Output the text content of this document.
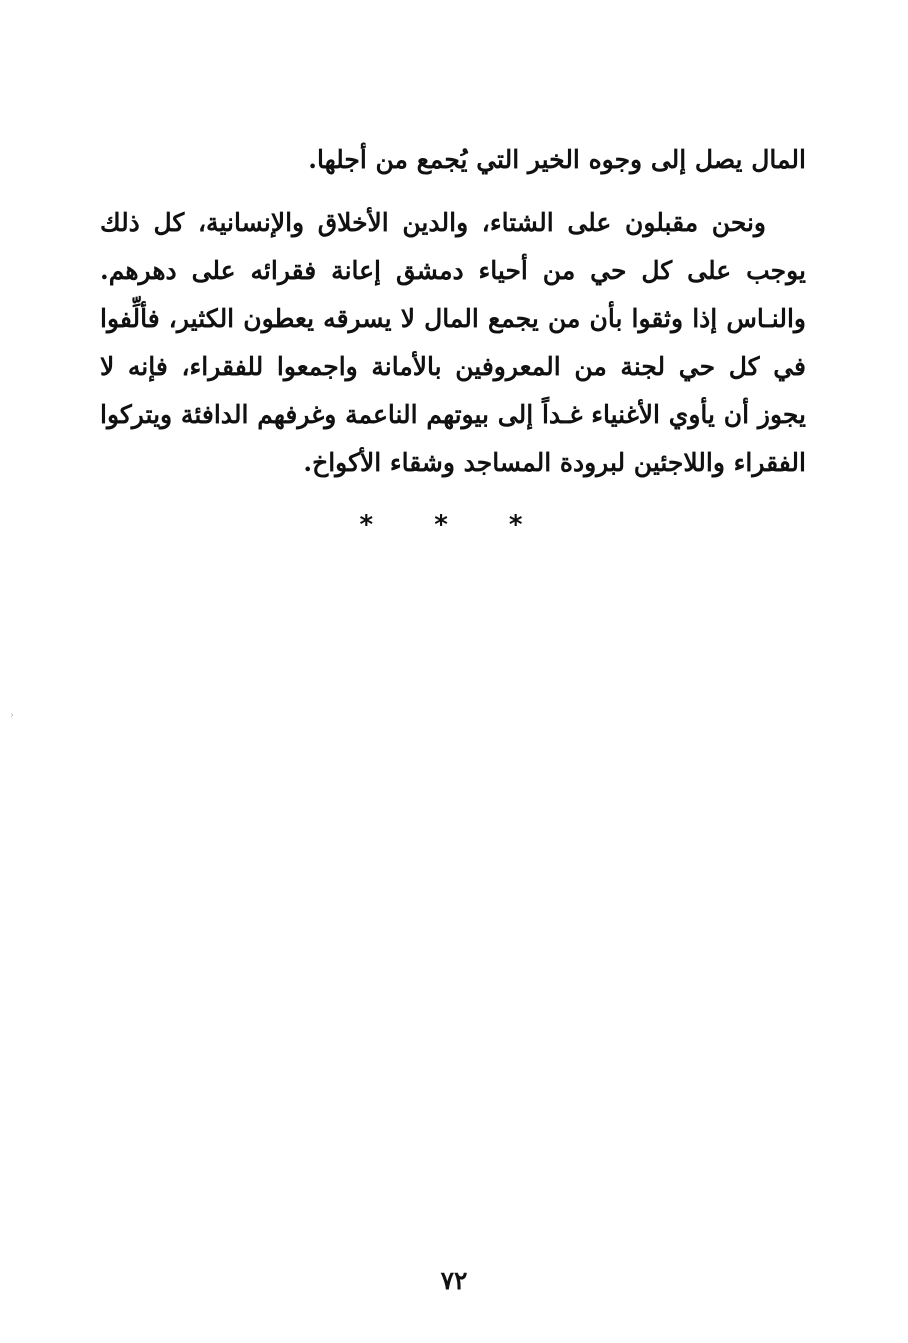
المال يصل إلى وجوه الخير التي يُجمع من أجلها.

ونحن مقبلون على الشتاء، والدين الأخلاق والإنسانية، كل ذلك يوجب على كل حي من أحياء دمشق إعانة فقرائه على دهرهم. والنـاس إذا وثقوا بأن من يجمع المال لا يسرقه يعطون الكثير، فألِّفوا في كل حي لجنة من المعروفين بالأمانة واجمعوا للفقراء، فإنه لا يجوز أن يأوي الأغنياء غـداً إلى بيوتهم الناعمة وغرفهم الدافئة ويتركوا الفقراء واللاجئين لبرودة المساجد وشقاء الأكواخ.

* * *
›
٧٢
